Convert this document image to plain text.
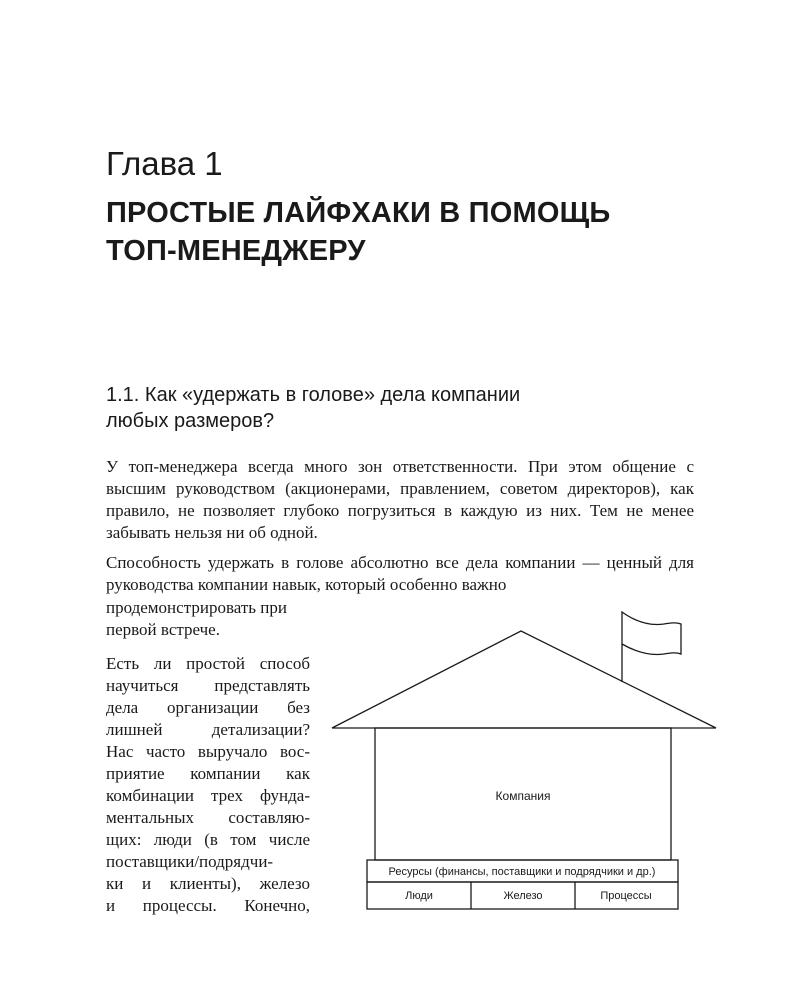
Глава 1
ПРОСТЫЕ ЛАЙФХАКИ В ПОМОЩЬ
ТОП-МЕНЕДЖЕРУ
1.1. Как «удержать в голове» дела компании
любых размеров?

У топ-менеджера всегда много зон ответственности. При этом общение с высшим руководством (акционерами, правлением, советом директоров), как правило, не позволяет глубоко погрузиться в каждую из них. Тем не менее забывать нельзя ни об одной.

Способность удержать в голове абсолютно все дела компании — ценный для руководства компании навык, который особенно важно

продемонстрировать при первой встрече.

Есть ли простой способ
научиться представлять
дела организации без
лишней детализации?
Нас часто выручало вос-
приятие компании как
комбинации трех фунда-
ментальных составляю-
щих: люди (в том числе
поставщики/подрядчи-
ки и клиенты), железо
и процессы. Конечно,
Компания
Ресурсы (финансы, поставщики и подрядчики и др.)
Люди	Железо	Процессы
